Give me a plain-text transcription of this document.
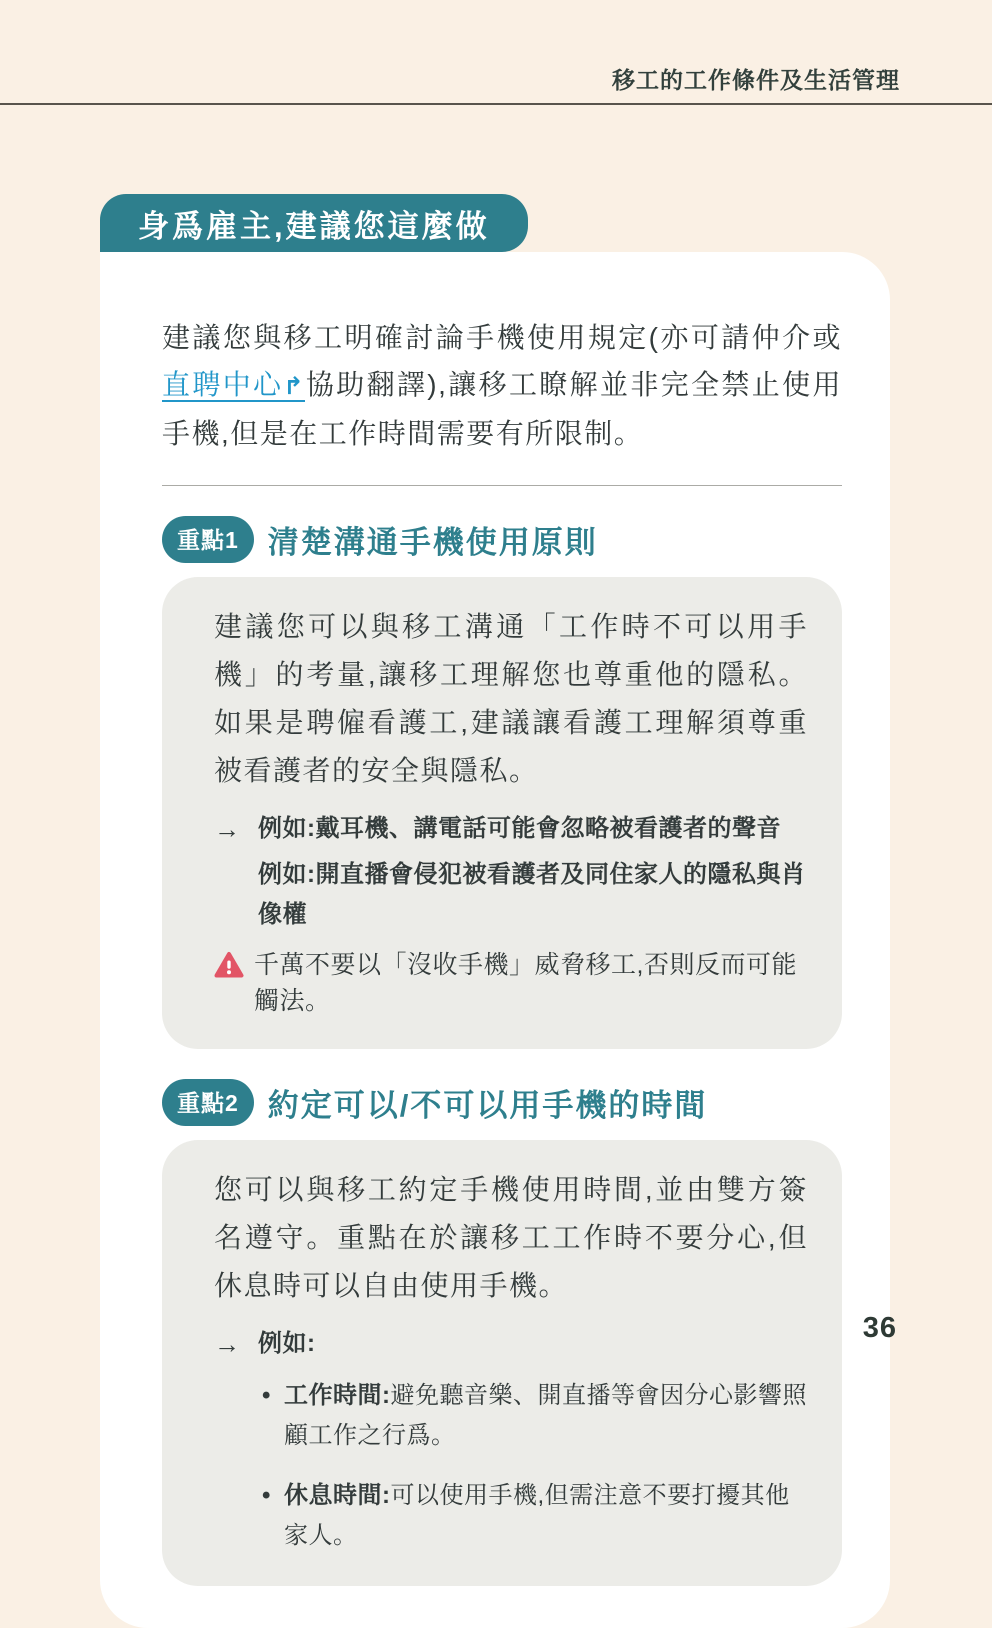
移工的工作條件及生活管理
身爲雇主,建議您這麼做

建議您與移工明確討論手機使用規定(亦可請仲介或直聘中心↱協助翻譯),讓移工瞭解並非完全禁止使用手機,但是在工作時間需要有所限制。

重點1 清楚溝通手機使用原則

建議您可以與移工溝通「工作時不可以用手機」的考量,讓移工理解您也尊重他的隱私。如果是聘僱看護工,建議讓看護工理解須尊重被看護者的安全與隱私。

→ 例如:戴耳機、講電話可能會忽略被看護者的聲音
例如:開直播會侵犯被看護者及同住家人的隱私與肖像權
千萬不要以「沒收手機」威脅移工,否則反而可能觸法。
重點2 約定可以/不可以用手機的時間

您可以與移工約定手機使用時間,並由雙方簽名遵守。重點在於讓移工工作時不要分心,但休息時可以自由使用手機。

→ 例如:
• 工作時間:避免聽音樂、開直播等會因分心影響照顧工作之行爲。
• 休息時間:可以使用手機,但需注意不要打擾其他家人。
36
